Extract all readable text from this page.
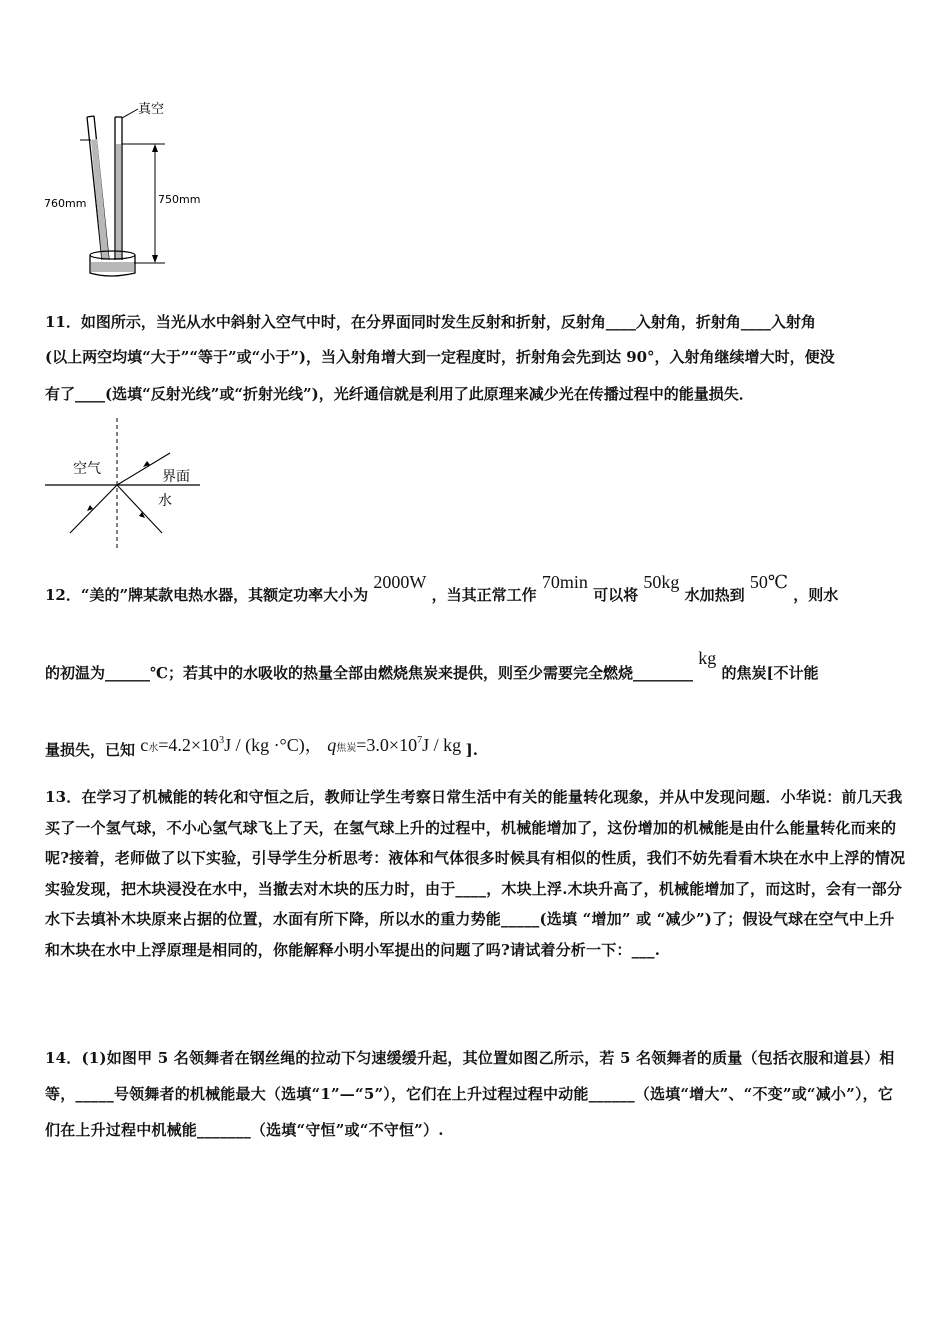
真空
750mm
760mm
11．如图所示，当光从水中斜射入空气中时，在分界面同时发生反射和折射，反射角____入射角，折射角____入射角
(以上两空均填“大于”“等于”或“小于”)，当入射角增大到一定程度时，折射角会先到达 90°，入射角继续增大时，便没
有了____(选填“反射光线”或“折射光线”)，光纤通信就是利用了此原理来减少光在传播过程中的能量损失．
空气	界面
水
12．“美的”牌某款电热水器，其额定功率大小为 2000W ，当其正常工作 70min 可以将 50kg 水加热到 50℃ ，则水
的初温为______℃；若其中的水吸收的热量全部由燃烧焦炭来提供，则至少需要完全燃烧________ kg 的焦炭[不计能
量损失，已知 c水$=4.2\times 10^3J / (kg \cdot^\circ C)$， q焦炭$=3.0\times 10^7J$ / kg ].
13．在学习了机械能的转化和守恒之后，教师让学生考察日常生活中有关的能量转化现象，并从中发现问题．小华说：前几天我买了一个氢气球，不小心氢气球飞上了天，在氢气球上升的过程中，机械能增加了，这份增加的机械能是由什么能量转化而来的呢?接着，老师做了以下实验，引导学生分析思考：液体和气体很多时候具有相似的性质，我们不妨先看看木块在水中上浮的情况实验发现，把木块浸没在水中，当撤去对木块的压力时，由于____，木块上浮.木块升高了，机械能增加了，而这时，会有一部分水下去填补木块原来占据的位置，水面有所下降，所以水的重力势能_____(选填 “增加” 或 “减少”)了；假设气球在空气中上升和木块在水中上浮原理是相同的，你能解释小明小军提出的问题了吗?请试着分析一下：___.
14．(1)如图甲 5 名领舞者在钢丝绳的拉动下匀速缓缓升起，其位置如图乙所示，若 5 名领舞者的质量（包括衣服和道县）相等，_____号领舞者的机械能最大（选填“1”—“5”），它们在上升过程过程中动能______（选填“增大”、“不变”或“减小”），它们在上升过程中机械能_______（选填“守恒”或“不守恒”）.
